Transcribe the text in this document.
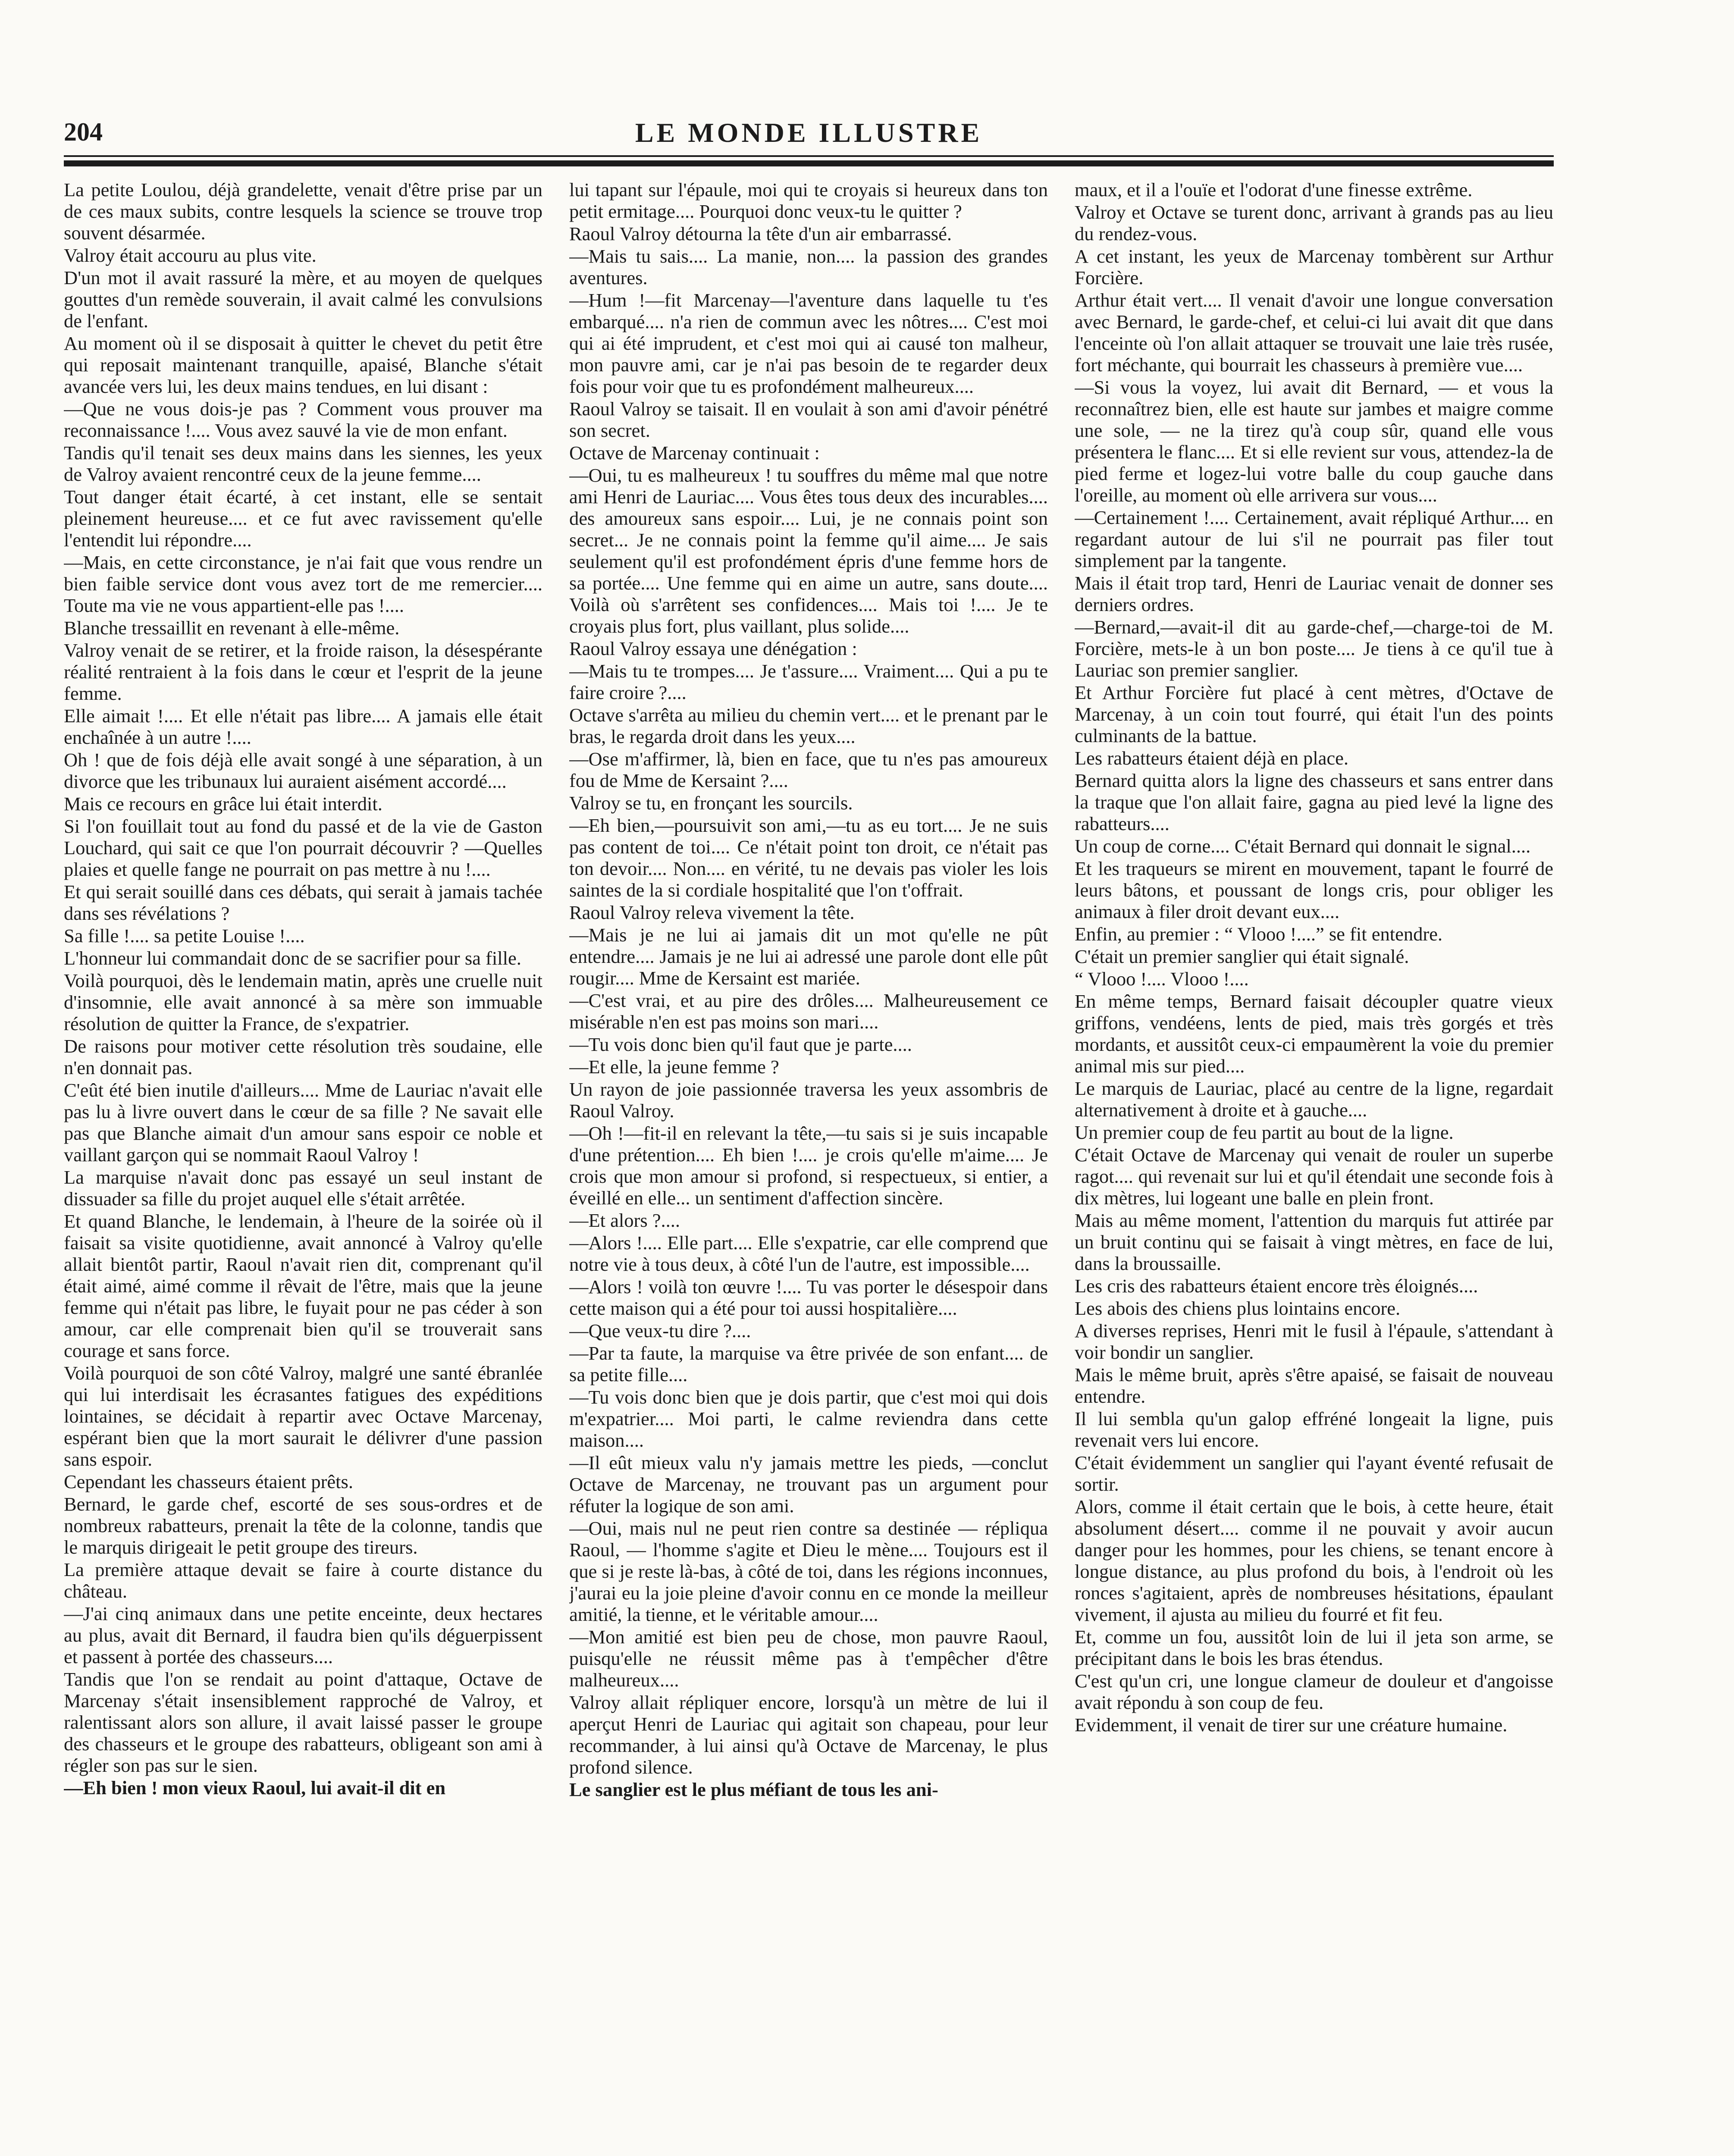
204	LE MONDE ILLUSTRE

La petite Loulou, déjà grandelette, venait d'être prise par un de ces maux subits, contre lesquels la science se trouve trop souvent désarmée.

Valroy était accouru au plus vite.

D'un mot il avait rassuré la mère, et au moyen de quelques gouttes d'un remède souverain, il avait calmé les convulsions de l'enfant.

Au moment où il se disposait à quitter le chevet du petit être qui reposait maintenant tranquille, apaisé, Blanche s'était avancée vers lui, les deux mains tendues, en lui disant :

—Que ne vous dois-je pas ? Comment vous prouver ma reconnaissance !.... Vous avez sauvé la vie de mon enfant.

Tandis qu'il tenait ses deux mains dans les siennes, les yeux de Valroy avaient rencontré ceux de la jeune femme....

Tout danger était écarté, à cet instant, elle se sentait pleinement heureuse.... et ce fut avec ravissement qu'elle l'entendit lui répondre....

—Mais, en cette circonstance, je n'ai fait que vous rendre un bien faible service dont vous avez tort de me remercier.... Toute ma vie ne vous appartient-elle pas !....

Blanche tressaillit en revenant à elle-même.

Valroy venait de se retirer, et la froide raison, la désespérante réalité rentraient à la fois dans le cœur et l'esprit de la jeune femme.

Elle aimait !.... Et elle n'était pas libre.... A jamais elle était enchaînée à un autre !....

Oh ! que de fois déjà elle avait songé à une séparation, à un divorce que les tribunaux lui auraient aisément accordé....

Mais ce recours en grâce lui était interdit.

Si l'on fouillait tout au fond du passé et de la vie de Gaston Louchard, qui sait ce que l'on pourrait découvrir ? —Quelles plaies et quelle fange ne pourrait on pas mettre à nu !....

Et qui serait souillé dans ces débats, qui serait à jamais tachée dans ses révélations ?

Sa fille !.... sa petite Louise !....

L'honneur lui commandait donc de se sacrifier pour sa fille.

Voilà pourquoi, dès le lendemain matin, après une cruelle nuit d'insomnie, elle avait annoncé à sa mère son immuable résolution de quitter la France, de s'expatrier.

De raisons pour motiver cette résolution très soudaine, elle n'en donnait pas.

C'eût été bien inutile d'ailleurs.... Mme de Lauriac n'avait elle pas lu à livre ouvert dans le cœur de sa fille ? Ne savait elle pas que Blanche aimait d'un amour sans espoir ce noble et vaillant garçon qui se nommait Raoul Valroy !

La marquise n'avait donc pas essayé un seul instant de dissuader sa fille du projet auquel elle s'était arrêtée.

Et quand Blanche, le lendemain, à l'heure de la soirée où il faisait sa visite quotidienne, avait annoncé à Valroy qu'elle allait bientôt partir, Raoul n'avait rien dit, comprenant qu'il était aimé, aimé comme il rêvait de l'être, mais que la jeune femme qui n'était pas libre, le fuyait pour ne pas céder à son amour, car elle comprenait bien qu'il se trouverait sans courage et sans force.

Voilà pourquoi de son côté Valroy, malgré une santé ébranlée qui lui interdisait les écrasantes fatigues des expéditions lointaines, se décidait à repartir avec Octave Marcenay, espérant bien que la mort saurait le délivrer d'une passion sans espoir.

Cependant les chasseurs étaient prêts.

Bernard, le garde chef, escorté de ses sous-ordres et de nombreux rabatteurs, prenait la tête de la colonne, tandis que le marquis dirigeait le petit groupe des tireurs.

La première attaque devait se faire à courte distance du château.

—J'ai cinq animaux dans une petite enceinte, deux hectares au plus, avait dit Bernard, il faudra bien qu'ils déguerpissent et passent à portée des chasseurs....

Tandis que l'on se rendait au point d'attaque, Octave de Marcenay s'était insensiblement rapproché de Valroy, et ralentissant alors son allure, il avait laissé passer le groupe des chasseurs et le groupe des rabatteurs, obligeant son ami à régler son pas sur le sien.

—Eh bien ! mon vieux Raoul, lui avait-il dit en

lui tapant sur l'épaule, moi qui te croyais si heureux dans ton petit ermitage.... Pourquoi donc veux-tu le quitter ?

Raoul Valroy détourna la tête d'un air embarrassé.

—Mais tu sais.... La manie, non.... la passion des grandes aventures.

—Hum !—fit Marcenay—l'aventure dans laquelle tu t'es embarqué.... n'a rien de commun avec les nôtres.... C'est moi qui ai été imprudent, et c'est moi qui ai causé ton malheur, mon pauvre ami, car je n'ai pas besoin de te regarder deux fois pour voir que tu es profondément malheureux....

Raoul Valroy se taisait. Il en voulait à son ami d'avoir pénétré son secret.

Octave de Marcenay continuait :

—Oui, tu es malheureux ! tu souffres du même mal que notre ami Henri de Lauriac.... Vous êtes tous deux des incurables.... des amoureux sans espoir.... Lui, je ne connais point son secret... Je ne connais point la femme qu'il aime.... Je sais seulement qu'il est profondément épris d'une femme hors de sa portée.... Une femme qui en aime un autre, sans doute.... Voilà où s'arrêtent ses confidences.... Mais toi !.... Je te croyais plus fort, plus vaillant, plus solide....

Raoul Valroy essaya une dénégation :

—Mais tu te trompes.... Je t'assure.... Vraiment.... Qui a pu te faire croire ?....

Octave s'arrêta au milieu du chemin vert.... et le prenant par le bras, le regarda droit dans les yeux....

—Ose m'affirmer, là, bien en face, que tu n'es pas amoureux fou de Mme de Kersaint ?....

Valroy se tu, en fronçant les sourcils.

—Eh bien,—poursuivit son ami,—tu as eu tort.... Je ne suis pas content de toi.... Ce n'était point ton droit, ce n'était pas ton devoir.... Non.... en vérité, tu ne devais pas violer les lois saintes de la si cordiale hospitalité que l'on t'offrait.

Raoul Valroy releva vivement la tête.

—Mais je ne lui ai jamais dit un mot qu'elle ne pût entendre.... Jamais je ne lui ai adressé une parole dont elle pût rougir.... Mme de Kersaint est mariée.

—C'est vrai, et au pire des drôles.... Malheureusement ce misérable n'en est pas moins son mari....

—Tu vois donc bien qu'il faut que je parte....

—Et elle, la jeune femme ?

Un rayon de joie passionnée traversa les yeux assombris de Raoul Valroy.

—Oh !—fit-il en relevant la tête,—tu sais si je suis incapable d'une prétention.... Eh bien !.... je crois qu'elle m'aime.... Je crois que mon amour si profond, si respectueux, si entier, a éveillé en elle... un sentiment d'affection sincère.

—Et alors ?....

—Alors !.... Elle part.... Elle s'expatrie, car elle comprend que notre vie à tous deux, à côté l'un de l'autre, est impossible....

—Alors ! voilà ton œuvre !.... Tu vas porter le désespoir dans cette maison qui a été pour toi aussi hospitalière....

—Que veux-tu dire ?....

—Par ta faute, la marquise va être privée de son enfant.... de sa petite fille....

—Tu vois donc bien que je dois partir, que c'est moi qui dois m'expatrier.... Moi parti, le calme reviendra dans cette maison....

—Il eût mieux valu n'y jamais mettre les pieds, —conclut Octave de Marcenay, ne trouvant pas un argument pour réfuter la logique de son ami.

—Oui, mais nul ne peut rien contre sa destinée — répliqua Raoul, — l'homme s'agite et Dieu le mène.... Toujours est il que si je reste là-bas, à côté de toi, dans les régions inconnues, j'aurai eu la joie pleine d'avoir connu en ce monde la meilleur amitié, la tienne, et le véritable amour....

—Mon amitié est bien peu de chose, mon pauvre Raoul, puisqu'elle ne réussit même pas à t'empêcher d'être malheureux....

Valroy allait répliquer encore, lorsqu'à un mètre de lui il aperçut Henri de Lauriac qui agitait son chapeau, pour leur recommander, à lui ainsi qu'à Octave de Marcenay, le plus profond silence.

Le sanglier est le plus méfiant de tous les ani-

maux, et il a l'ouïe et l'odorat d'une finesse extrême.

Valroy et Octave se turent donc, arrivant à grands pas au lieu du rendez-vous.

A cet instant, les yeux de Marcenay tombèrent sur Arthur Forcière.

Arthur était vert.... Il venait d'avoir une longue conversation avec Bernard, le garde-chef, et celui-ci lui avait dit que dans l'enceinte où l'on allait attaquer se trouvait une laie très rusée, fort méchante, qui bourrait les chasseurs à première vue....

—Si vous la voyez, lui avait dit Bernard, — et vous la reconnaîtrez bien, elle est haute sur jambes et maigre comme une sole, — ne la tirez qu'à coup sûr, quand elle vous présentera le flanc.... Et si elle revient sur vous, attendez-la de pied ferme et logez-lui votre balle du coup gauche dans l'oreille, au moment où elle arrivera sur vous....

—Certainement !.... Certainement, avait répliqué Arthur.... en regardant autour de lui s'il ne pourrait pas filer tout simplement par la tangente.

Mais il était trop tard, Henri de Lauriac venait de donner ses derniers ordres.

—Bernard,—avait-il dit au garde-chef,—charge-toi de M. Forcière, mets-le à un bon poste.... Je tiens à ce qu'il tue à Lauriac son premier sanglier.

Et Arthur Forcière fut placé à cent mètres, d'Octave de Marcenay, à un coin tout fourré, qui était l'un des points culminants de la battue.

Les rabatteurs étaient déjà en place.

Bernard quitta alors la ligne des chasseurs et sans entrer dans la traque que l'on allait faire, gagna au pied levé la ligne des rabatteurs....

Un coup de corne.... C'était Bernard qui donnait le signal....

Et les traqueurs se mirent en mouvement, tapant le fourré de leurs bâtons, et poussant de longs cris, pour obliger les animaux à filer droit devant eux....

Enfin, au premier : “ Vlooo !....” se fit entendre.

C'était un premier sanglier qui était signalé.

“ Vlooo !.... Vlooo !....

En même temps, Bernard faisait découpler quatre vieux griffons, vendéens, lents de pied, mais très gorgés et très mordants, et aussitôt ceux-ci empaumèrent la voie du premier animal mis sur pied....

Le marquis de Lauriac, placé au centre de la ligne, regardait alternativement à droite et à gauche....

Un premier coup de feu partit au bout de la ligne.

C'était Octave de Marcenay qui venait de rouler un superbe ragot.... qui revenait sur lui et qu'il étendait une seconde fois à dix mètres, lui logeant une balle en plein front.

Mais au même moment, l'attention du marquis fut attirée par un bruit continu qui se faisait à vingt mètres, en face de lui, dans la broussaille.

Les cris des rabatteurs étaient encore très éloignés....

Les abois des chiens plus lointains encore.

A diverses reprises, Henri mit le fusil à l'épaule, s'attendant à voir bondir un sanglier.

Mais le même bruit, après s'être apaisé, se faisait de nouveau entendre.

Il lui sembla qu'un galop effréné longeait la ligne, puis revenait vers lui encore.

C'était évidemment un sanglier qui l'ayant éventé refusait de sortir.

Alors, comme il était certain que le bois, à cette heure, était absolument désert.... comme il ne pouvait y avoir aucun danger pour les hommes, pour les chiens, se tenant encore à longue distance, au plus profond du bois, à l'endroit où les ronces s'agitaient, après de nombreuses hésitations, épaulant vivement, il ajusta au milieu du fourré et fit feu.

Et, comme un fou, aussitôt loin de lui il jeta son arme, se précipitant dans le bois les bras étendus.

C'est qu'un cri, une longue clameur de douleur et d'angoisse avait répondu à son coup de feu.

Evidemment, il venait de tirer sur une créature humaine.
